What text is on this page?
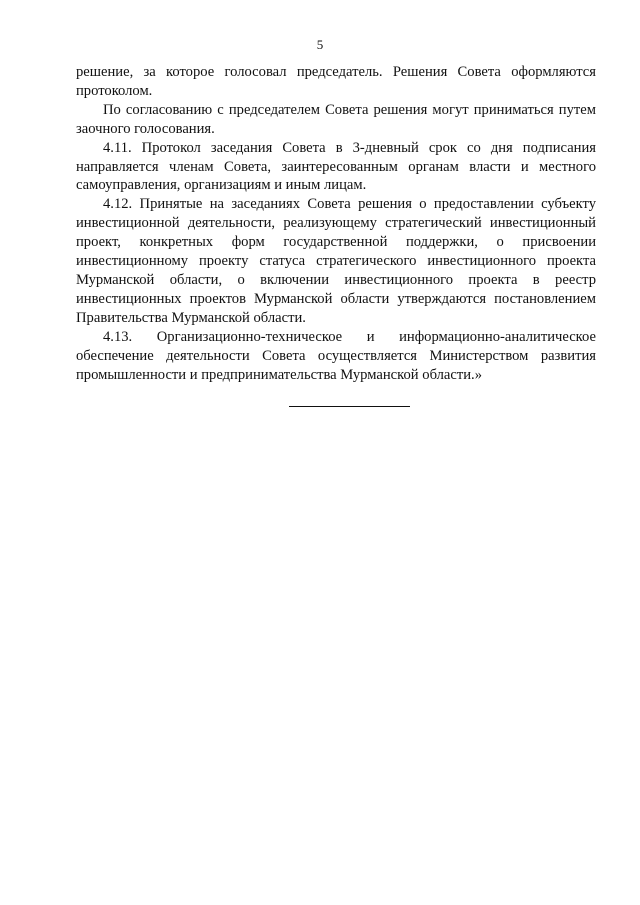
5

решение, за которое голосовал председатель. Решения Совета оформляются протоколом.

По согласованию с председателем Совета решения могут приниматься путем заочного голосования.

4.11. Протокол заседания Совета в 3-дневный срок со дня подписания направляется членам Совета, заинтересованным органам власти и местного самоуправления, организациям и иным лицам.

4.12. Принятые на заседаниях Совета решения о предоставлении субъекту инвестиционной деятельности, реализующему стратегический инвестиционный проект, конкретных форм государственной поддержки, о присвоении инвестиционному проекту статуса стратегического инвестиционного проекта Мурманской области, о включении инвестиционного проекта в реестр инвестиционных проектов Мурманской области утверждаются постановлением Правительства Мурманской области.

4.13. Организационно-техническое и информационно-аналитическое обеспечение деятельности Совета осуществляется Министерством развития промышленности и предпринимательства Мурманской области.»
